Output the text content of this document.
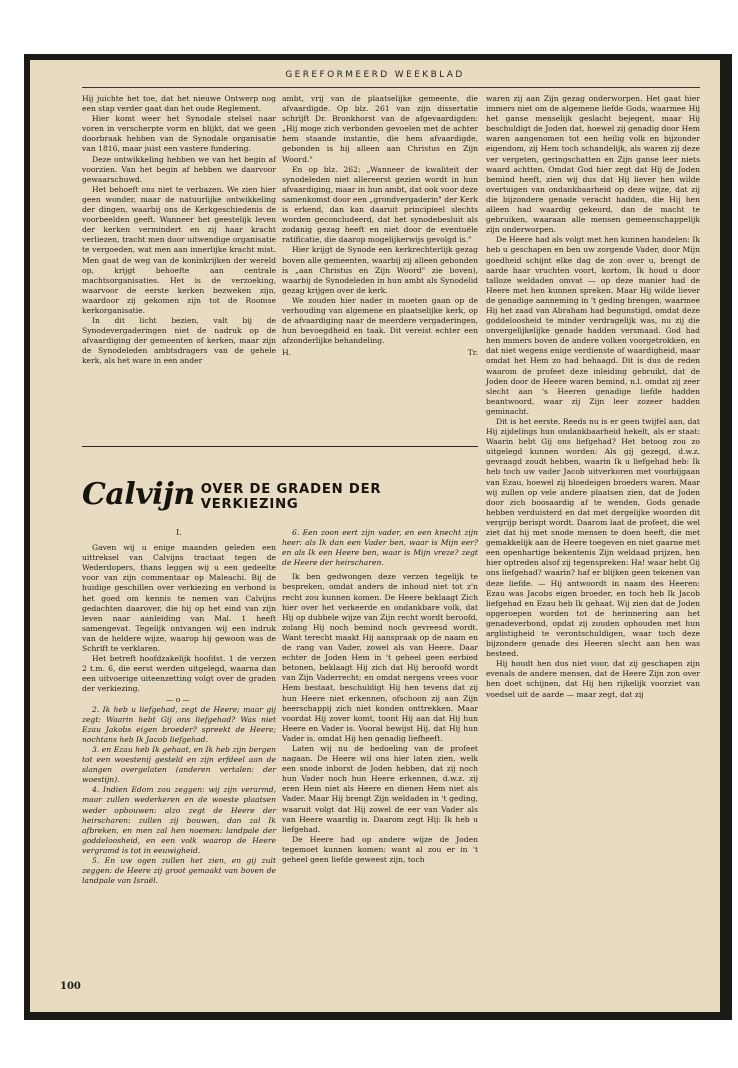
GEREFORMEERD WEEKBLAD

Hij juichte het toe, dat het nieuwe Ontwerp nog een stap verder gaat dan het oude Reglement.

Hier komt weer het Synodale stelsel naar voren in verscherpte vorm en blijkt, dat we geen doorbraak hebben van de Synodale organisatie van 1816, maar juist een vastere fundering.

Deze ontwikkeling hebben we van het begin af voorzien. Van het begin af hebben we daarvoor gewaarschuwd.

Het behoeft ons niet te verbazen. We zien hier geen wonder, maar de natuurlijke ontwikkeling der dingen, waarbij ons de Kerkgeschiedenis de voorbeelden geeft. Wanneer het geestelijk leven der kerken vermindert en zij haar kracht verliezen, tracht men door uitwendige organisatie te vergoeden, wat men aan innerlijke kracht mist. Men gaat de weg van de koninkrijken der wereld op, krijgt behoefte aan centrale machtsorganisaties. Het is de verzoeking, waarvoor de eerste kerken bezweken zijn, waardoor zij gekomen zijn tot de Roomse kerkorganisatie.

In dit licht bezien, valt bij de Synodevergaderingen niet de nadruk op de afvaardiging der gemeenten of kerken, maar zijn de Synodeleden ambtsdragers van de gehele kerk, als het ware in een ander

ambt, vrij van de plaatselijke gemeente, die afvaardigde. Op blz. 261 van zijn dissertatie schrijft Dr. Bronkhorst van de afgevaardigden: „Hij moge zich verbonden gevoelen met de achter hem staande instantie, die hem afvaardigde, gebonden is hij alleen aan Christus en Zijn Woord."

En op blz. 262: „Wanneer de kwaliteit der synodeleden niet allereerst gezien wordt in hun afvaardiging, maar in hun ambt, dat ook voor deze samenkomst door een „grondvergaderin" der Kerk is erkend, dan kan daaruit principieel slechts worden geconcludeerd, dat het synodebesluit als zodanig gezag heeft en niet door de eventuële ratificatie, die daarop mogelijkerwijs gevolgd is."

Hier krijgt de Synode een kerkrechterlijk gezag boven alle gemeenten, waarbij zij alleen gebonden is „aan Christus en Zijn Woord" zie boven), waarbij de Synodeleden in hun ambt als Synodelid gezag krijgen over de kerk.

We zouden hier nader in moeten gaan op de verhouding van algemene en plaatselijke kerk, op de afvaardiging naar de meerdere vergaderingen, hun bevoegdheid en taak. Dit vereist echter een afzonderlijke behandeling.

H.	Tr.

waren zij aan Zijn gezag onderworpen. Het gaat hier immers niet om de algemene liefde Gods, waarmee Hij het ganse menselijk geslacht bejegent, maar Hij beschuldigt de Joden dat, hoewel zij genadig door Hem waren aangenomen tot een heilig volk en bijzonder eigendom, zij Hem toch schandelijk, als waren zij deze ver vergeten, geringschatten en Zijn ganse leer niets waard achtten. Omdat God hier zegt dat Hij de Joden bemind heeft, zien wij dus dat Hij liever hen wilde overtuigen van ondankbaarheid op deze wijze, dat zij die bijzondere genade veracht hadden, die Hij hen alleen had waardig gekeurd, dan de macht te gebruiken, waaraan alle mensen gemeenschappelijk zijn onderworpen.

De Heere had als volgt met hen kunnen handelen: Ik heb u geschapen en ben uw zorgende Vader, door Mijn goedheid schijnt elke dag de zon over u, brengt de aarde haar vruchten voort, kortom, Ik houd u door talloze weldaden omvat — op deze manier had de Heere met hen kunnen spreken. Maar Hij wilde liever de genadige aanneming in 't geding brengen, waarmee Hij het zaad van Abraham had begunstigd, omdat deze goddeloosheid te minder verdragelijk was, nu zij die onvergelijkelijke genade hadden versmaad. God had hen immers boven de andere volken voorgetrokken, en dat niet wegens enige verdienste of waardigheid, maar omdat het Hem zo had behaagd. Dit is dus de reden waarom de profeet deze inleiding gebruikt, dat de Joden door de Heere waren bemind, n.l. omdat zij zeer slecht aan 's Heeren genadige liefde hadden beantwoord, waar zij Zijn leer zozeer hadden geminacht.

Dit is het eerste. Reeds nu is er geen twijfel aan, dat Hij zijdelings hun ondankbaarheid hekelt, als er staat: Waarin hebt Gij ons liefgehad? Het betoog zou zo uitgelegd kunnen worden: Als gij gezegd, d.w.z. gevraagd zoudt hebben, waarin Ik u liefgehad heb: Ik heb toch uw vader Jacob uitverkoren met voorbijgaan van Ezau, hoewel zij bloedeigen broeders waren. Maar wij zullen op vele andere plaatsen zien, dat de Joden door zich boosaardig af te wenden, Gods genade hebben verduisterd en dat met dergelijke woorden dit vergrijp berispt wordt. Daarom laat de profeet, die wel ziet dat hij met snode mensen te doen heeft, die met gemakkelijk aan de Heere toegeven en niet gaarne met een openhartige bekentenis Zijn weldaad prijzen, hen hier optreden alsof zij tegenspreken: Ha! waar hebt Gij ons liefgehad? waarin? haf er blijken geen tekenen van deze liefde. — Hij antwoordt in naam des Heeren: Ezau was Jacobs eigen broeder, en toch heb Ik Jacob liefgehad en Ezau heb Ik gehaat. Wij zien dat de Joden opgeroepen worden tot de herinnering aan het genadeverbond, opdat zij zouden ophouden met hun arglistigheid te verontschuldigen, waar toch deze bijzondere genade des Heeren slecht aan hen was besteed.

Hij houdt hen dus niet voor, dat zij geschapen zijn evenals de andere mensen, dat de Heere Zijn zon over hen doet schijnen, dat Hij hen rijkelijk voorziet van voedsel uit de aarde — maar zegt, dat zij

Calvijn OVER DE GRADEN DER VERKIEZING

I.

Gaven wij u enige maanden geleden een uittreksel van Calvijns tractaat tegen de Wederdopers, thans leggen wij u een gedeelte voor van zijn commentaar op Maleachi. Bij de huidige geschillen over verkiezing en verbond is het goed om kennis te nemen van Calvijns gedachten daarover, die hij op het eind van zijn leven naar aanleiding van Mal. 1 heeft samengevat. Tegelijk ontvangen wij een indruk van de heldere wijze, waarop hij gewoon was de Schrift te verklaren.

Het betreft hoofdzakelijk hoofdst. 1 de verzen 2 t.m. 6, die eerst werden uitgelegd, waarna dan een uitvoerige uiteenzetting volgt over de graden der verkiezing.

—o—

2. Ik heb u liefgehad, zegt de Heere; maar gij zegt: Waarin hebt Gij ons liefgehad? Was niet Ezau Jakobs eigen broeder? spreekt de Heere; nochtans heb Ik Jacob liefgehad.

3. en Ezau heb Ik gehaat, en Ik heb zijn bergen tot een woestenij gesteld en zijn erfdeel aan de slangen overgelaten (anderen vertalen: der woestijn).

4. Indien Edom zou zeggen: wij zijn verarmd, maar zullen wederkeren en de woeste plaatsen weder opbouwen: alzo zegt de Heere der heirscharen: zullen zij bouwen, dan zal Ik afbreken, en men zal hen noemen: landpale der goddeloosheid, en een volk waarop de Heere vergramd is tot in eeuwigheid.

5. En uw ogen zullen het zien, en gij zult zeggen: de Heere zij groot gemaakt van boven de landpale van Israël.

6. Een zoon eert zijn vader, en een knecht zijn heer: als Ik dan een Vader ben, waar is Mijn eer? en als Ik een Heere ben, waar is Mijn vreze? zegt de Heere der heirscharen.

Ik ben gedwongen deze verzen tegelijk te bespreken, omdat anders de inhoud niet tot z'n recht zou kunnen komen. De Heere beklaagt Zich hier over het verkeerde en ondankbare volk, dat Hij op dubbele wijze van Zijn recht wordt beroofd, zolang Hij noch bemind noch gevreesd wordt. Want terecht maakt Hij aanspraak op de naam en de rang van Vader, zowel als van Heere. Daar echter de Joden Hem in 't geheel geen eerbied betonen, beklaagt Hij zich dat Hij beroofd wordt van Zijn Vaderrecht; en omdat nergens vrees voor Hem bestaat, beschuldigt Hij hen tevens dat zij hun Heere niet erkennen, ofschoon zij aan Zijn heerschappij zich niet konden onttrekken. Maar voordat Hij zover komt, toont Hij aan dat Hij hun Heere en Vader is. Vooral bewijst Hij, dat Hij hun Vader is, omdat Hij hen genadig liefheeft.

Laten wij nu de bedoeling van de profeet nagaan. De Heere wil ons hier laten zien, welk een snode inborst de Joden hebben, dat zij noch hun Vader noch hun Heere erkennen, d.w.z. zij eren Hem niet als Heere en dienen Hem niet als Vader. Maar Hij brengt Zijn weldaden in 't geding, waaruit volgt dat Hij zowel de eer van Vader als van Heere waardig is. Daarom zegt Hij: Ik heb u liefgehad.

De Heere had op andere wijze de Joden tegemoet kunnen komen: want al zou er in 't geheel geen liefde geweest zijn, toch

100
